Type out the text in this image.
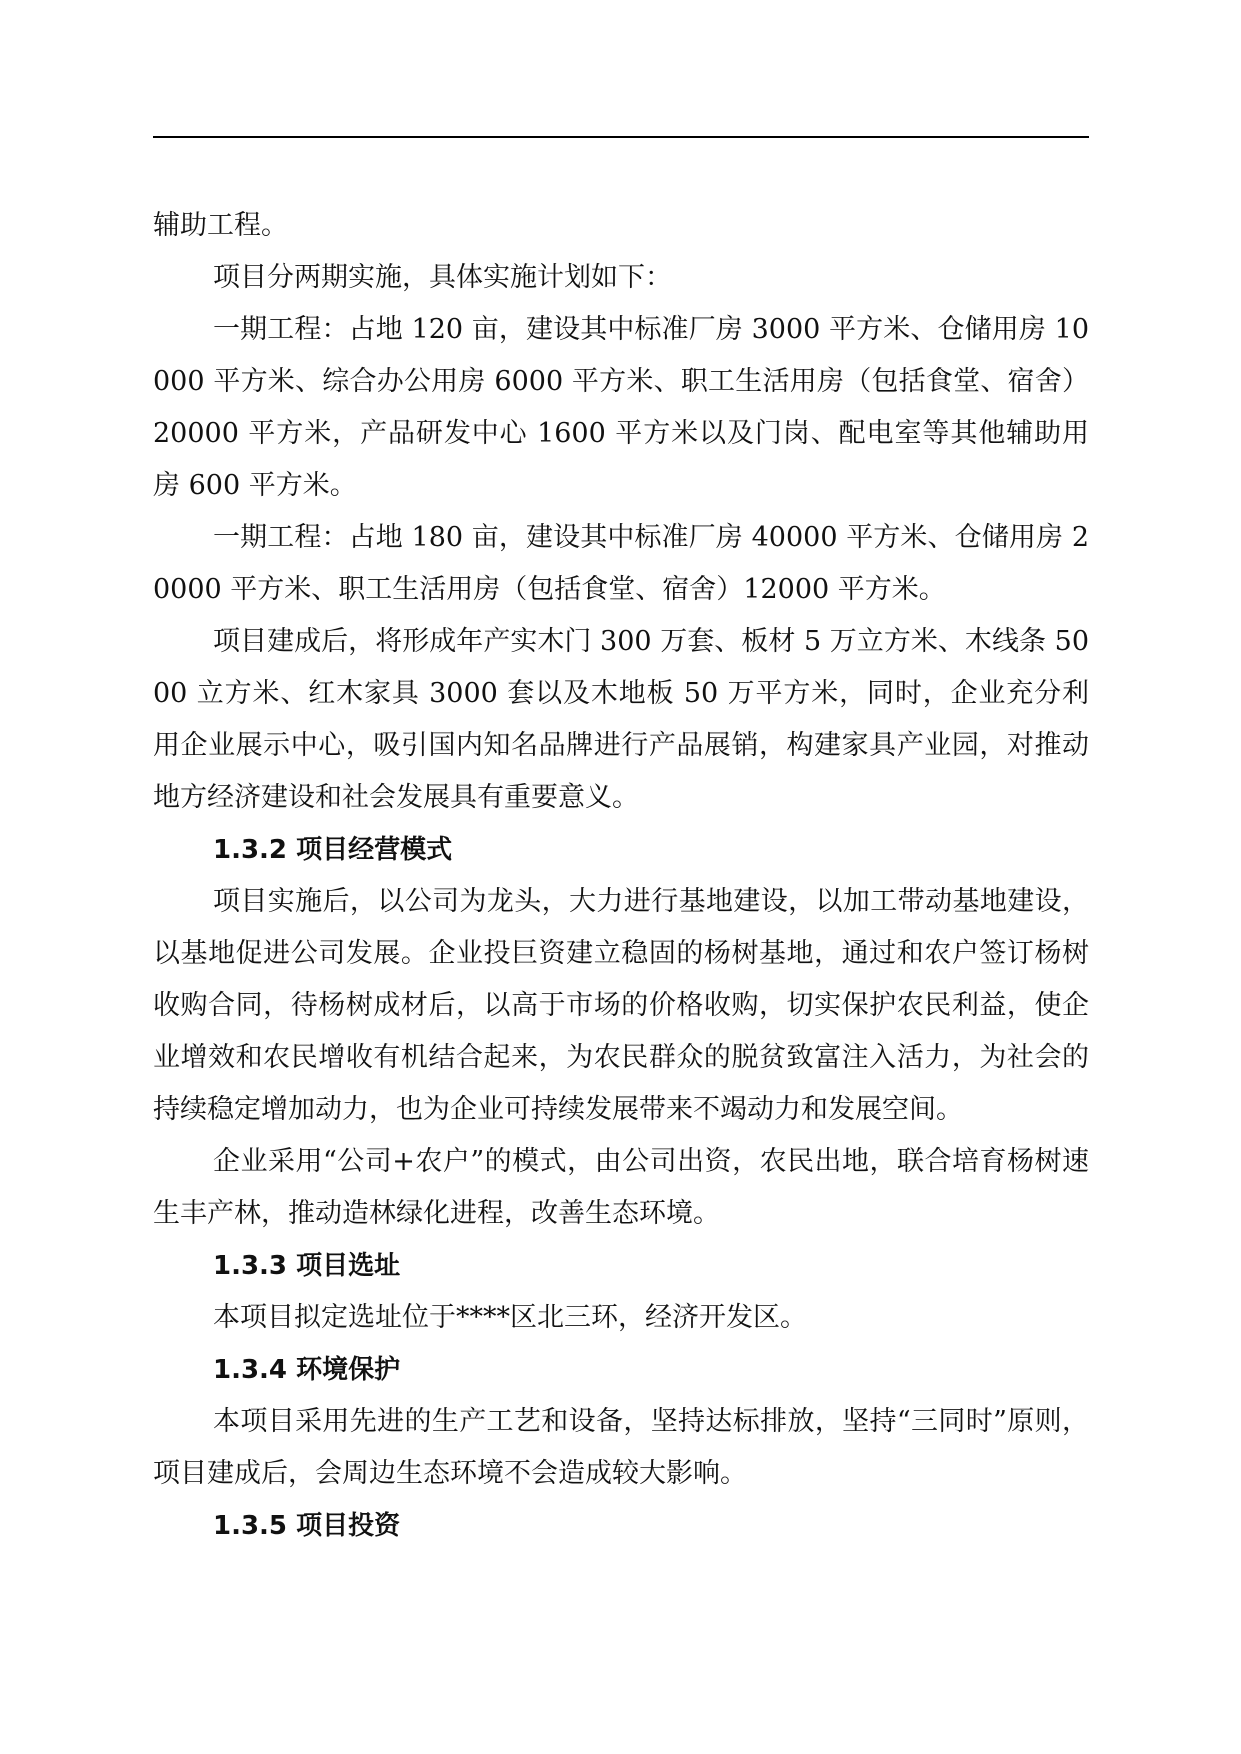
辅助工程。

项目分两期实施，具体实施计划如下：

一期工程：占地 120 亩，建设其中标准厂房 3000 平方米、仓储用房 10000 平方米、综合办公用房 6000 平方米、职工生活用房（包括食堂、宿舍）20000 平方米，产品研发中心 1600 平方米以及门岗、配电室等其他辅助用房 600 平方米。

一期工程：占地 180 亩，建设其中标准厂房 40000 平方米、仓储用房 20000 平方米、职工生活用房（包括食堂、宿舍）12000 平方米。

项目建成后，将形成年产实木门 300 万套、板材 5 万立方米、木线条 5000 立方米、红木家具 3000 套以及木地板 50 万平方米，同时，企业充分利用企业展示中心，吸引国内知名品牌进行产品展销，构建家具产业园，对推动地方经济建设和社会发展具有重要意义。

1.3.2 项目经营模式

项目实施后，以公司为龙头，大力进行基地建设，以加工带动基地建设，以基地促进公司发展。企业投巨资建立稳固的杨树基地，通过和农户签订杨树收购合同，待杨树成材后，以高于市场的价格收购，切实保护农民利益，使企业增效和农民增收有机结合起来，为农民群众的脱贫致富注入活力，为社会的持续稳定增加动力，也为企业可持续发展带来不竭动力和发展空间。

企业采用“公司+农户”的模式，由公司出资，农民出地，联合培育杨树速生丰产林，推动造林绿化进程，改善生态环境。

1.3.3 项目选址

本项目拟定选址位于****区北三环，经济开发区。

1.3.4 环境保护

本项目采用先进的生产工艺和设备，坚持达标排放，坚持“三同时”原则，项目建成后，会周边生态环境不会造成较大影响。

1.3.5 项目投资
